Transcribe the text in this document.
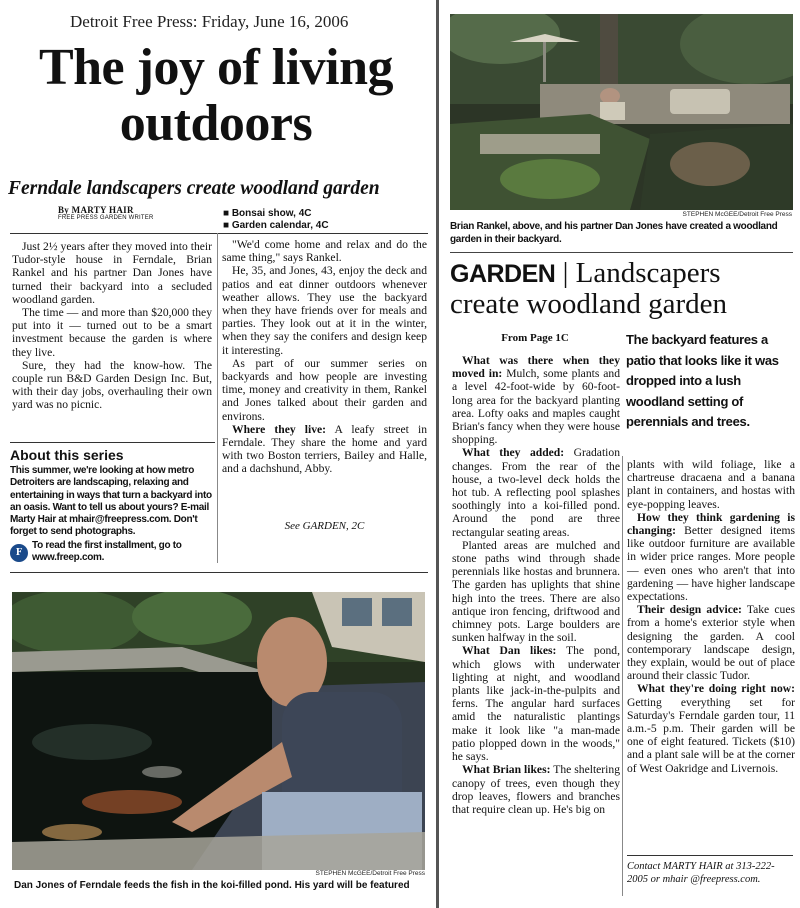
Detroit Free Press: Friday, June 16, 2006
The joy of living
outdoors
Ferndale landscapers create woodland garden
By MARTY HAIR
FREE PRESS GARDEN WRITER	■ Bonsai show, 4C
■ Garden calendar, 4C

Just 2½ years after they moved into their Tudor-style house in Ferndale, Brian Rankel and his partner Dan Jones have turned their backyard into a secluded woodland garden.

The time — and more than $20,000 they put into it — turned out to be a smart investment because the garden is where they live.

Sure, they had the know-how. The couple run B&D Garden Design Inc. But, with their day jobs, overhauling their own yard was no picnic.

About this series
This summer, we're looking at how metro Detroiters are landscaping, relaxing and entertaining in ways that turn a backyard into an oasis. Want to tell us about yours? E-mail Marty Hair at mhair@freepress.com. Don't forget to send photographs.
F
To read the first installment, go to www.freep.com.

"We'd come home and relax and do the same thing," says Rankel.

He, 35, and Jones, 43, enjoy the deck and patios and eat dinner outdoors whenever weather allows. They use the backyard when they have friends over for meals and parties. They look out at it in the winter, when they say the conifers and design keep it interesting.

As part of our summer series on backyards and how people are investing time, money and creativity in them, Rankel and Jones talked about their garden and environs.

Where they live: A leafy street in Ferndale. They share the home and yard with two Boston terriers, Bailey and Halle, and a dachshund, Abby.

See GARDEN, 2C
STEPHEN McGEE/Detroit Free Press
Dan Jones of Ferndale feeds the fish in the koi-filled pond. His yard will be featured
STEPHEN McGEE/Detroit Free Press
Brian Rankel, above, and his partner Dan Jones have created a woodland garden in their backyard.
GARDEN | Landscapers
create woodland garden
From Page 1C	The backyard features a patio that looks like it was dropped into a lush woodland setting of perennials and trees.

What was there when they moved in: Mulch, some plants and a level 42-foot-wide by 60-foot-long area for the backyard planting area. Lofty oaks and maples caught Brian's fancy when they were house shopping.

What they added: Gradation changes. From the rear of the house, a two-level deck holds the hot tub. A reflecting pool splashes soothingly into a koi-filled pond. Around the pond are three rectangular seating areas.

Planted areas are mulched and stone paths wind through shade perennials like hostas and brunnera. The garden has uplights that shine high into the trees. There are also antique iron fencing, driftwood and chimney pots. Large boulders are sunken halfway in the soil.

What Dan likes: The pond, which glows with underwater lighting at night, and woodland plants like jack-in-the-pulpits and ferns. The angular hard surfaces amid the naturalistic plantings make it look like "a man-made patio plopped down in the woods," he says.

What Brian likes: The sheltering canopy of trees, even though they drop leaves, flowers and branches that require clean up. He's big on

plants with wild foliage, like a chartreuse dracaena and a banana plant in containers, and hostas with eye-popping leaves.

How they think gardening is changing: Better designed items like outdoor furniture are available in wider price ranges. More people — even ones who aren't that into gardening — have higher landscape expectations.

Their design advice: Take cues from a home's exterior style when designing the garden. A cool contemporary landscape design, they explain, would be out of place around their classic Tudor.

What they're doing right now: Getting everything set for Saturday's Ferndale garden tour, 11 a.m.-5 p.m. Their garden will be one of eight featured. Tickets ($10) and a plant sale will be at the corner of West Oakridge and Livernois.

Contact MARTY HAIR at 313-222-2005 or mhair @freepress.com.
